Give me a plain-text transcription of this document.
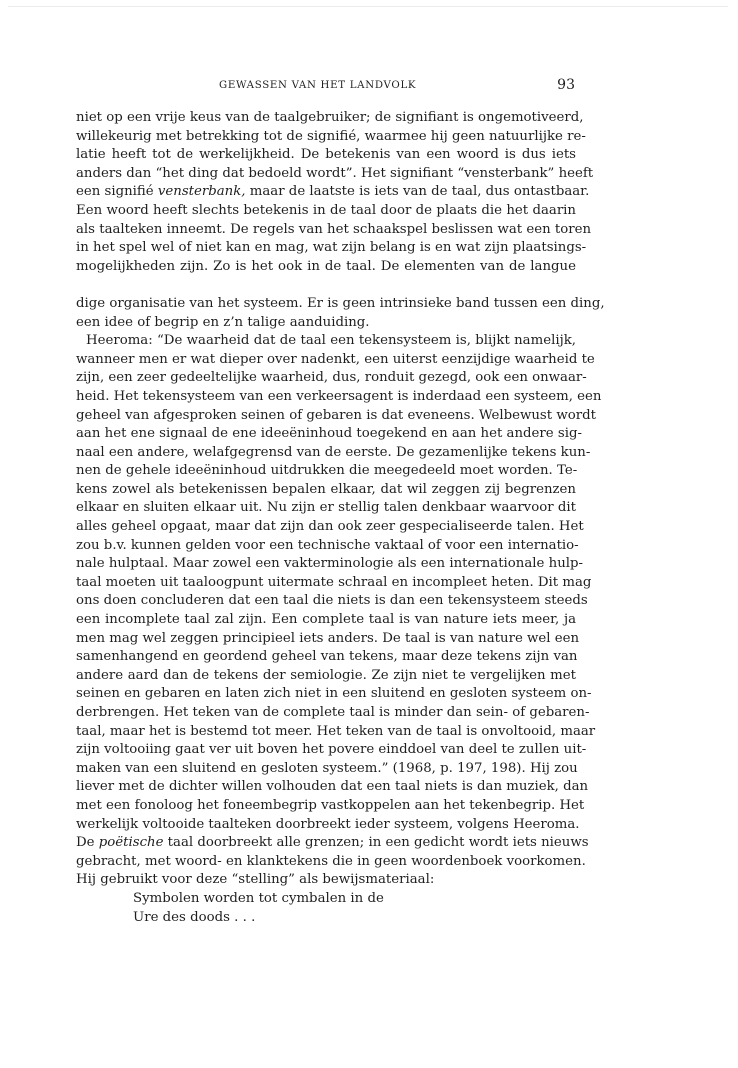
GEWASSEN VAN HET LANDVOLK	93
niet op een vrije keus van de taalgebruiker; de signifiant is ongemotiveerd,
willekeurig met betrekking tot de signifié, waarmee hij geen natuurlijke re-
latie heeft tot de werkelijkheid. De betekenis van een woord is dus iets
anders dan “het ding dat bedoeld wordt”. Het signifiant “vensterbank” heeft
een signifié vensterbank, maar de laatste is iets van de taal, dus ontastbaar.
Een woord heeft slechts betekenis in de taal door de plaats die het daarin
als taalteken inneemt. De regels van het schaakspel beslissen wat een toren
in het spel wel of niet kan en mag, wat zijn belang is en wat zijn plaatsings-
mogelijkheden zijn. Zo is het ook in de taal. De elementen van de langue
dige organisatie van het systeem. Er is geen intrinsieke band tussen een ding,
een idee of begrip en z’n talige aanduiding.
Heeroma: “De waarheid dat de taal een tekensysteem is, blijkt namelijk,
wanneer men er wat dieper over nadenkt, een uiterst eenzijdige waarheid te
zijn, een zeer gedeeltelijke waarheid, dus, ronduit gezegd, ook een onwaar-
heid. Het tekensysteem van een verkeersagent is inderdaad een systeem, een
geheel van afgesproken seinen of gebaren is dat eveneens. Welbewust wordt
aan het ene signaal de ene ideeëninhoud toegekend en aan het andere sig-
naal een andere, welafgegrensd van de eerste. De gezamenlijke tekens kun-
nen de gehele ideeëninhoud uitdrukken die meegedeeld moet worden. Te-
kens zowel als betekenissen bepalen elkaar, dat wil zeggen zij begrenzen
elkaar en sluiten elkaar uit. Nu zijn er stellig talen denkbaar waarvoor dit
alles geheel opgaat, maar dat zijn dan ook zeer gespecialiseerde talen. Het
zou b.v. kunnen gelden voor een technische vaktaal of voor een internatio-
nale hulptaal. Maar zowel een vakterminologie als een internationale hulp-
taal moeten uit taaloogpunt uitermate schraal en incompleet heten. Dit mag
ons doen concluderen dat een taal die niets is dan een tekensysteem steeds
een incomplete taal zal zijn. Een complete taal is van nature iets meer, ja
men mag wel zeggen principieel iets anders. De taal is van nature wel een
samenhangend en geordend geheel van tekens, maar deze tekens zijn van
andere aard dan de tekens der semiologie. Ze zijn niet te vergelijken met
seinen en gebaren en laten zich niet in een sluitend en gesloten systeem on-
derbrengen. Het teken van de complete taal is minder dan sein- of gebaren-
taal, maar het is bestemd tot meer. Het teken van de taal is onvoltooid, maar
zijn voltooiing gaat ver uit boven het povere einddoel van deel te zullen uit-
maken van een sluitend en gesloten systeem.” (1968, p. 197, 198). Hij zou
liever met de dichter willen volhouden dat een taal niets is dan muziek, dan
met een fonoloog het foneembegrip vastkoppelen aan het tekenbegrip. Het
werkelijk voltooide taalteken doorbreekt ieder systeem, volgens Heeroma.
De poëtische taal doorbreekt alle grenzen; in een gedicht wordt iets nieuws
gebracht, met woord- en klanktekens die in geen woordenboek voorkomen.
Hij gebruikt voor deze “stelling” als bewijsmateriaal:
Symbolen worden tot cymbalen in de
Ure des doods . . .
